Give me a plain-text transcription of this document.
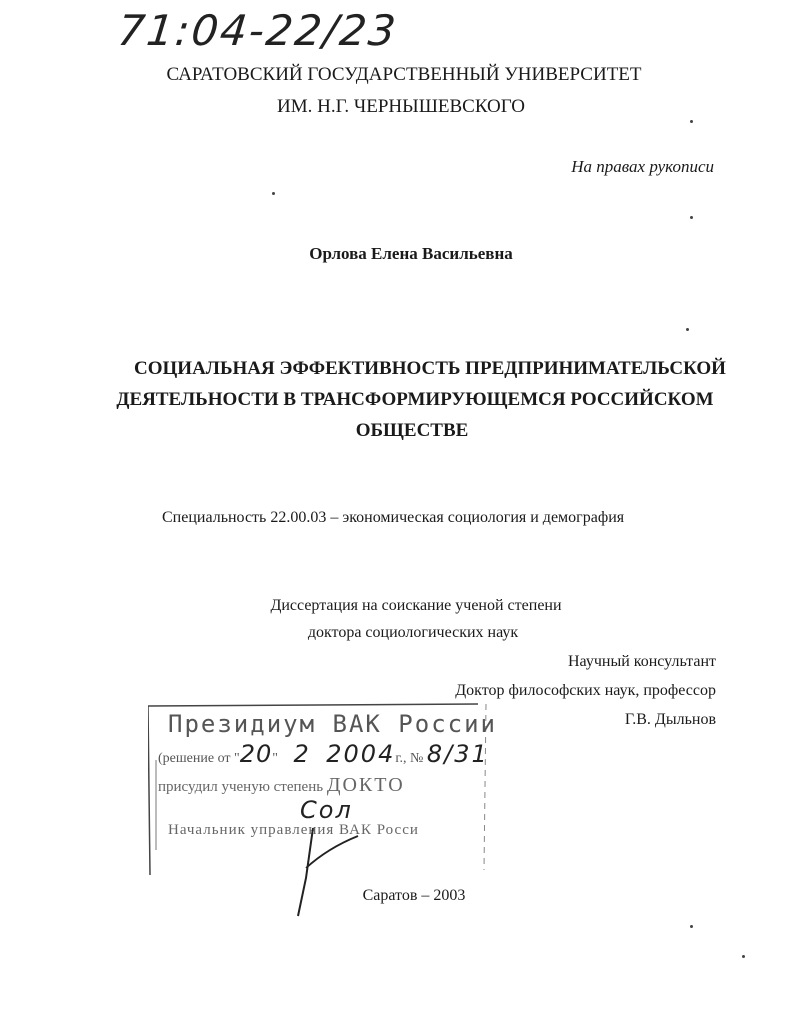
71:04-22/23
САРАТОВСКИЙ ГОСУДАРСТВЕННЫЙ УНИВЕРСИТЕТ
ИМ. Н.Г. ЧЕРНЫШЕВСКОГО
На правах рукописи
Орлова Елена Васильевна
СОЦИАЛЬНАЯ ЭФФЕКТИВНОСТЬ ПРЕДПРИНИМАТЕЛЬСКОЙ
ДЕЯТЕЛЬНОСТИ В ТРАНСФОРМИРУЮЩЕМСЯ РОССИЙСКОМ
ОБЩЕСТВЕ
Специальность 22.00.03 – экономическая социология и демография
Диссертация на соискание ученой степени
доктора социологических наук
Научный консультант
Доктор философских наук, профессор
Г.В. Дыльнов
Президиум ВАК России
(решение от "20" 2 2004г., № 8/31
присудил ученую степень ДОКТО
Сол
Начальник управления ВАК Росси
Саратов – 2003
